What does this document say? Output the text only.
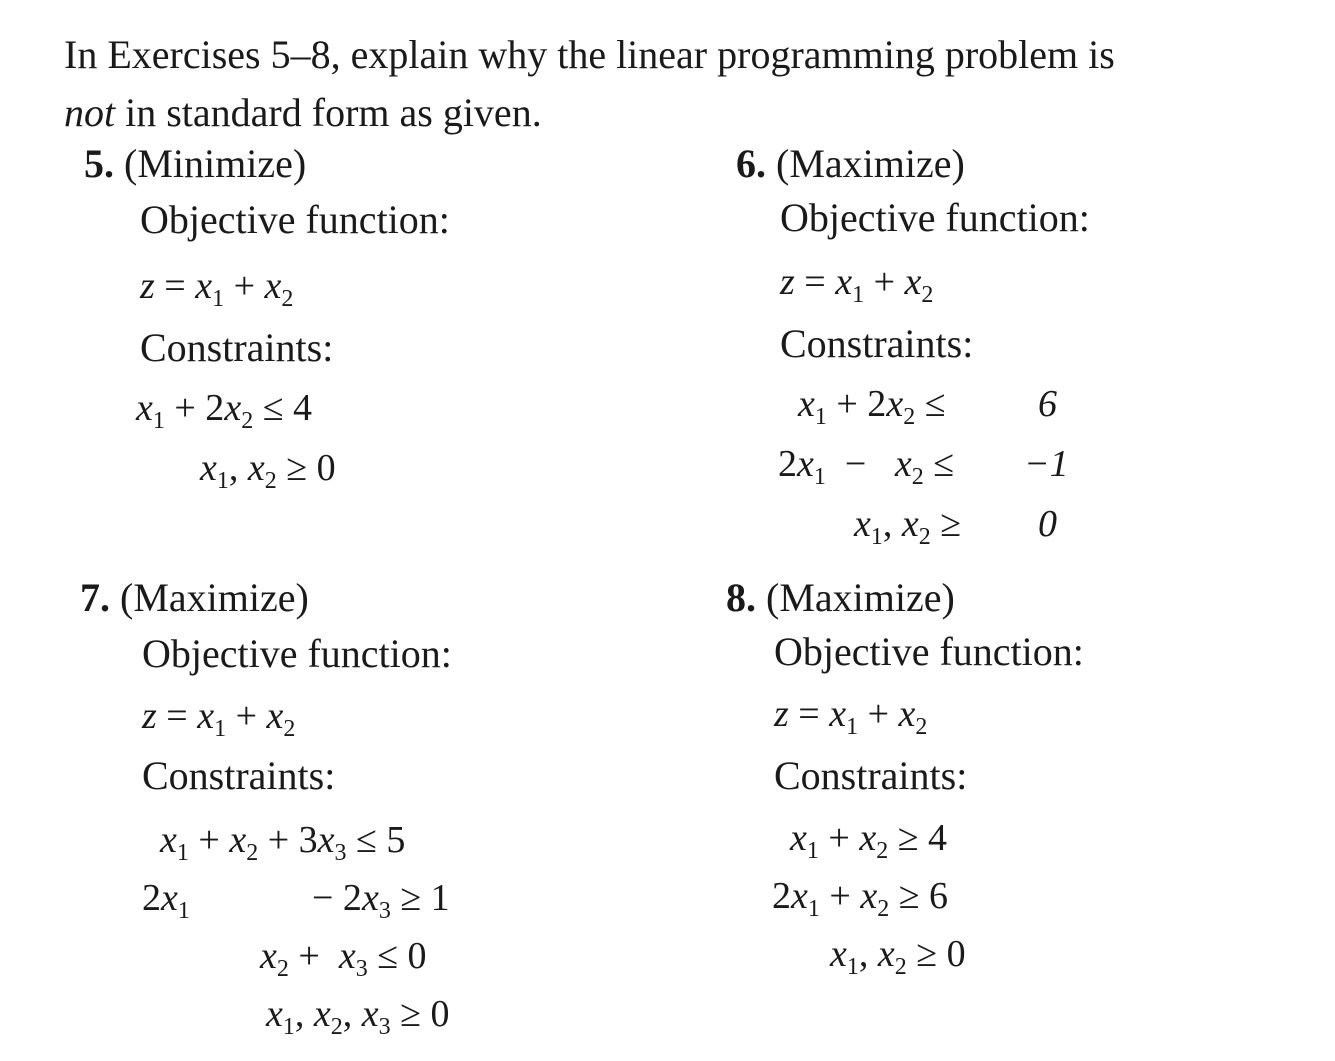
In Exercises 5–8, explain why the linear programming problem is
not in standard form as given.
5. (Minimize)
Objective function:
$z = x_1 + x_2$
Constraints:
$x_1 + 2x_2 \le 4$
$x_1$, $x_2 \ge 0$
6. (Maximize)
Objective function:
$z = x_1 + x_2$
Constraints:
$x_1 + 2x_2 \le 6$
$2x_1 - x_2 \le -1$
$x_1$, $x_2 \ge 0$
7. (Maximize)
Objective function:
$z = x_1 + x_2$
Constraints:
$x_1 + x_2 + 3x_3 \le 5$
$2x_1$	− $2x_3 \ge 1$
$x_2 + x_3 \le 0$
$x_1$, $x_2$, $x_3 \ge 0$
8. (Maximize)
Objective function:
$z = x_1 + x_2$
Constraints:
$x_1 + x_2 \ge 4$
$2x_1 + x_2 \ge 6$
$x_1$, $x_2 \ge 0$
